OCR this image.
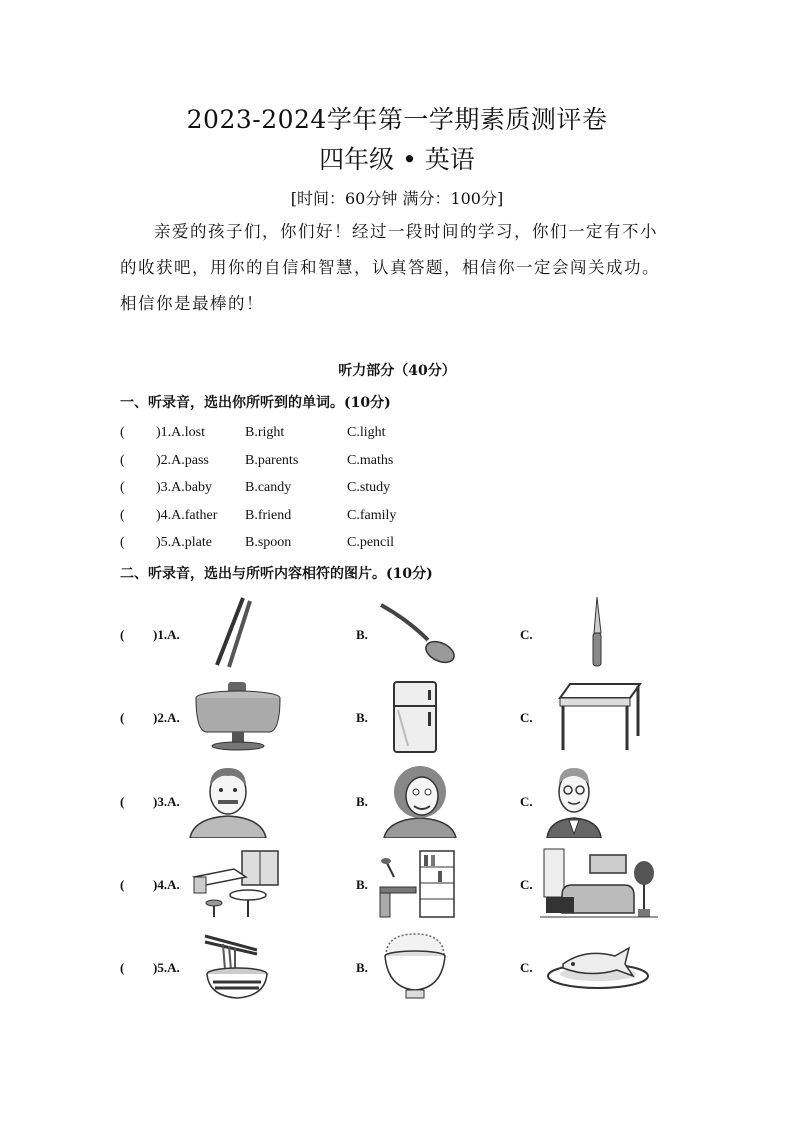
2023-2024学年第一学期素质测评卷
四年级 • 英语
[时间：60分钟 满分：100分]

亲爱的孩子们，你们好！经过一段时间的学习，你们一定有不小

的收获吧，用你的自信和智慧，认真答题，相信你一定会闯关成功。
相信你是最棒的！
听力部分（40分）
一、听录音，选出你所听到的单词。(10分)
( )1.A.lost	B.right	C.light
( )2.A.pass	B.parents	C.maths
( )3.A.baby B.candy	C.study
( )4.A.father B.friend	C.family
( )5.A.plate B.spoon	C.pencil
二、听录音，选出与所听内容相符的图片。(10分)
( )1.A.	B.	C.
( )2.A.	B.	C.
( )3.A.	B.	C.
( )4.A.	B.	C.
( )5.A.	B.	C.
